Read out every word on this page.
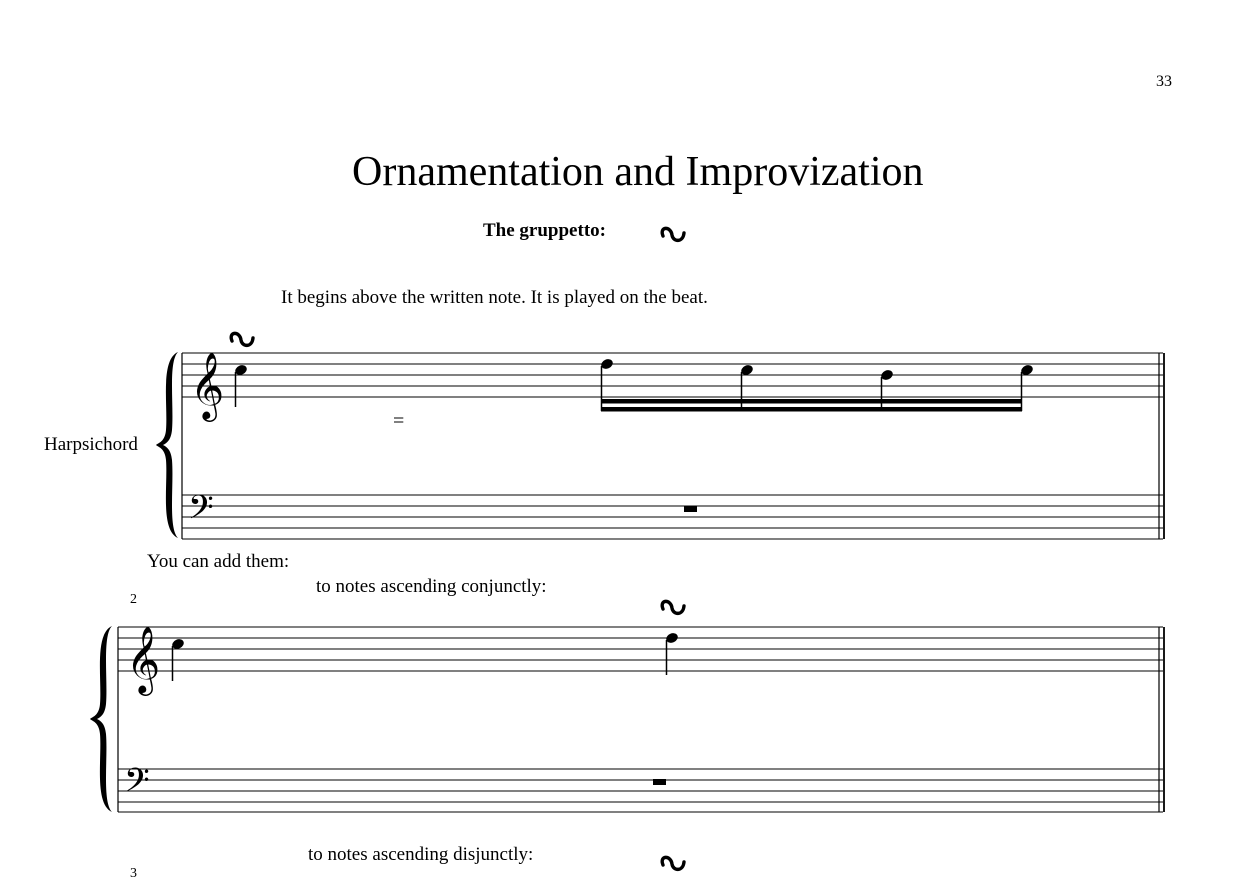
33
Ornamentation and Improvization
The gruppetto:
It begins above the written note. It is played on the beat.
Harpsichord
You can add them:
to notes ascending conjunctly:
2
to notes ascending disjunctly:
3
𝄞
𝄢
=
𝄞
𝄢
